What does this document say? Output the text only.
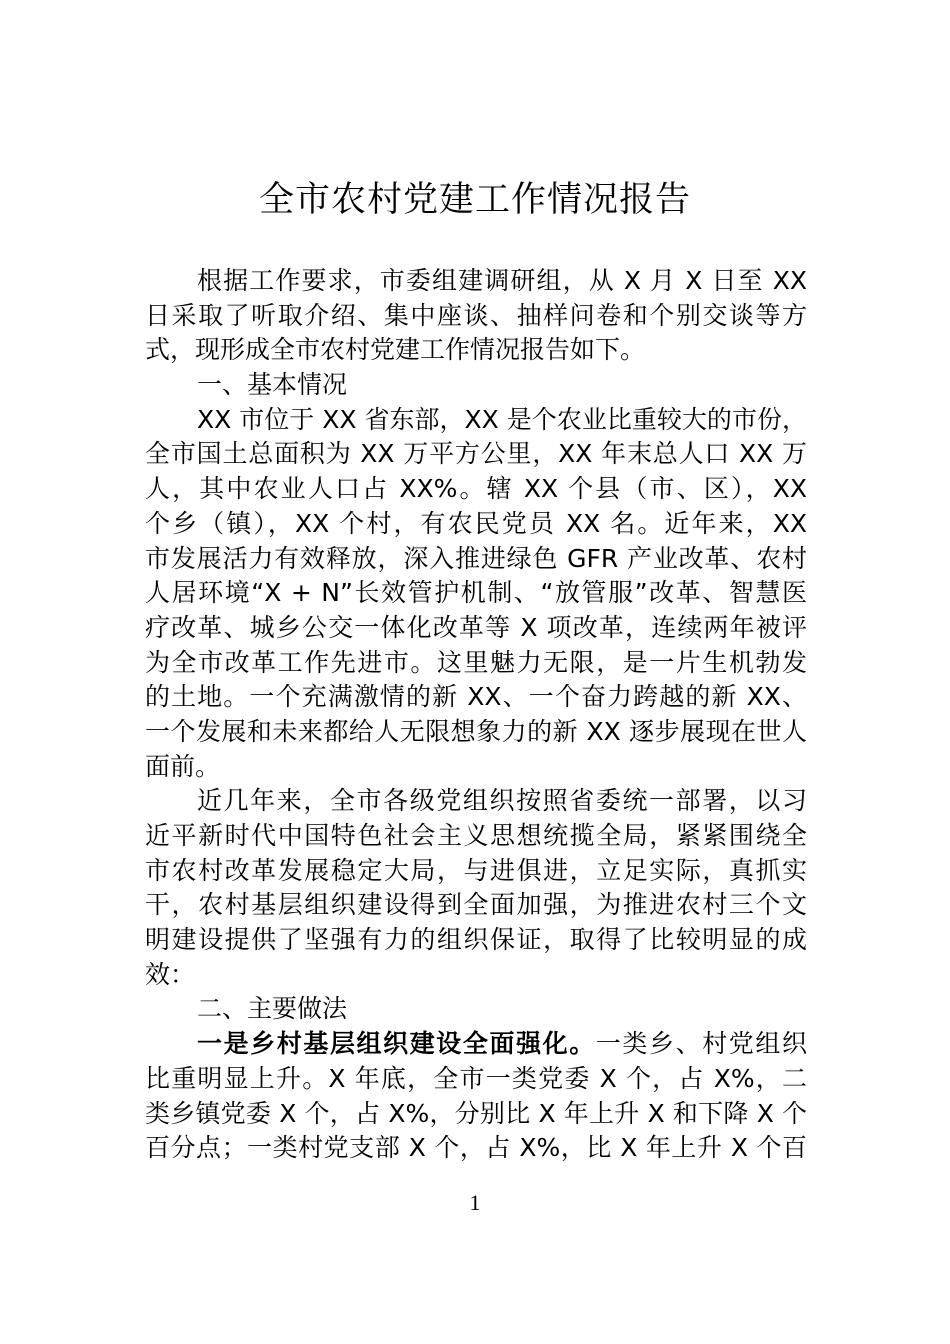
全市农村党建工作情况报告
根据工作要求，市委组建调研组，从 X 月 X 日至 XX
日采取了听取介绍、集中座谈、抽样问卷和个别交谈等方
式，现形成全市农村党建工作情况报告如下。
一、基本情况
XX 市位于 XX 省东部，XX 是个农业比重较大的市份，
全市国土总面积为 XX 万平方公里，XX 年末总人口 XX 万
人，其中农业人口占 XX%。辖 XX 个县（市、区），XX
个乡（镇），XX 个村，有农民党员 XX 名。近年来，XX
市发展活力有效释放，深入推进绿色 GFR 产业改革、农村
人居环境“X + N”长效管护机制、“放管服”改革、智慧医
疗改革、城乡公交一体化改革等 X 项改革，连续两年被评
为全市改革工作先进市。这里魅力无限，是一片生机勃发
的土地。一个充满激情的新 XX、一个奋力跨越的新 XX、
一个发展和未来都给人无限想象力的新 XX 逐步展现在世人
面前。
近几年来，全市各级党组织按照省委统一部署，以习
近平新时代中国特色社会主义思想统揽全局，紧紧围绕全
市农村改革发展稳定大局，与进俱进，立足实际，真抓实
干，农村基层组织建设得到全面加强，为推进农村三个文
明建设提供了坚强有力的组织保证，取得了比较明显的成
效：
二、主要做法
一是乡村基层组织建设全面强化。一类乡、村党组织
比重明显上升。X 年底，全市一类党委 X 个，占 X%，二
类乡镇党委 X 个，占 X%，分别比 X 年上升 X 和下降 X 个
百分点；一类村党支部 X 个，占 X%，比 X 年上升 X 个百
1
